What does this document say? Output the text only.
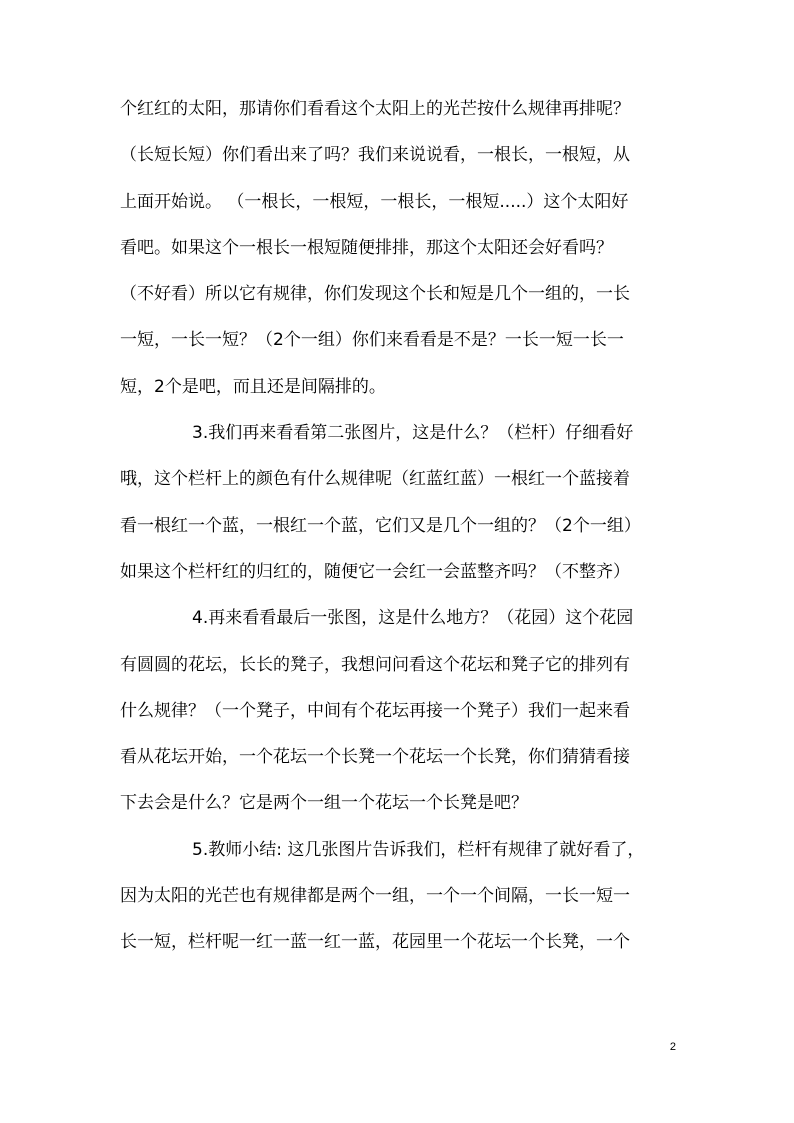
个红红的太阳，那请你们看看这个太阳上的光芒按什么规律再排呢？
（长短长短）你们看出来了吗？我们来说说看，一根长，一根短，从
上面开始说。 （一根长，一根短，一根长，一根短.....）这个太阳好
看吧。如果这个一根长一根短随便排排，那这个太阳还会好看吗？
（不好看）所以它有规律，你们发现这个长和短是几个一组的，一长
一短，一长一短？（2个一组）你们来看看是不是？一长一短一长一
短，2个是吧，而且还是间隔排的。
3.我们再来看看第二张图片，这是什么？（栏杆）仔细看好
哦，这个栏杆上的颜色有什么规律呢（红蓝红蓝）一根红一个蓝接着
看一根红一个蓝，一根红一个蓝，它们又是几个一组的？（2个一组）
如果这个栏杆红的归红的，随便它一会红一会蓝整齐吗？（不整齐）
4.再来看看最后一张图，这是什么地方？（花园）这个花园
有圆圆的花坛，长长的凳子，我想问问看这个花坛和凳子它的排列有
什么规律？（一个凳子，中间有个花坛再接一个凳子）我们一起来看
看从花坛开始，一个花坛一个长凳一个花坛一个长凳，你们猜猜看接
下去会是什么？它是两个一组一个花坛一个长凳是吧？
5.教师小结: 这几张图片告诉我们，栏杆有规律了就好看了，
因为太阳的光芒也有规律都是两个一组，一个一个间隔，一长一短一
长一短，栏杆呢一红一蓝一红一蓝，花园里一个花坛一个长凳，一个
2
